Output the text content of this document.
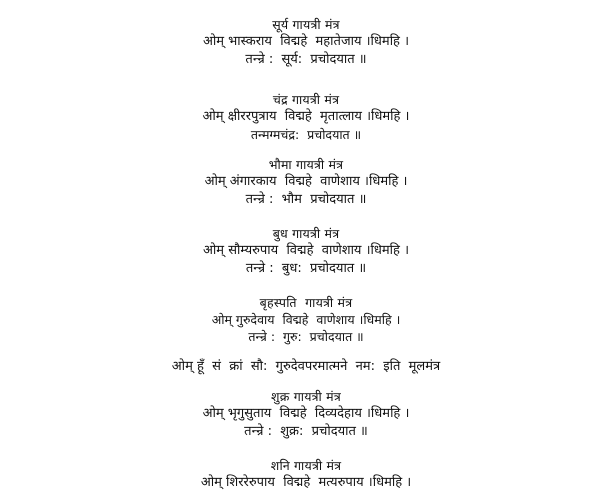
सूर्य गायत्री मंत्र
ओम् भास्कराय  विद्महे  महातेजाय ।धिमहि ।
तन्न्रे :  सूर्य:  प्रचोदयात ॥
चंद्र गायत्री मंत्र
ओम् क्षीररपुत्राय  विद्महे  मृतात्लाय ।धिमहि ।
तन्मग्मचंद्र:  प्रचोदयात ॥
भौमा गायत्री मंत्र
ओम् अंगारकाय  विद्महे  वाणेशाय ।धिमहि ।
तन्न्रे :  भौम  प्रचोदयात ॥
बुध गायत्री मंत्र
ओम् सौम्यरुपाय  विद्महे  वाणेशाय ।धिमहि ।
तन्न्रे :  बुध:  प्रचोदयात ॥
बृहस्पति  गायत्री मंत्र
ओम् गुरुदेवाय  विद्महे  वाणेशाय ।धिमहि ।
तन्न्रे :  गुरु:  प्रचोदयात ॥
ओम् हूँ  सं  क्रां  सौ:  गुरुदेवपरमात्मने  नम:  इति  मूलमंत्र
शुक्र गायत्री मंत्र
ओम् भृगुसुताय  विद्महे  दिव्यदेहाय ।धिमहि ।
तन्न्रे :  शुक्र:  प्रचोदयात ॥
शनि गायत्री मंत्र
ओम् शिररेरुपाय  विद्महे  मत्यरुपाय ।धिमहि ।
